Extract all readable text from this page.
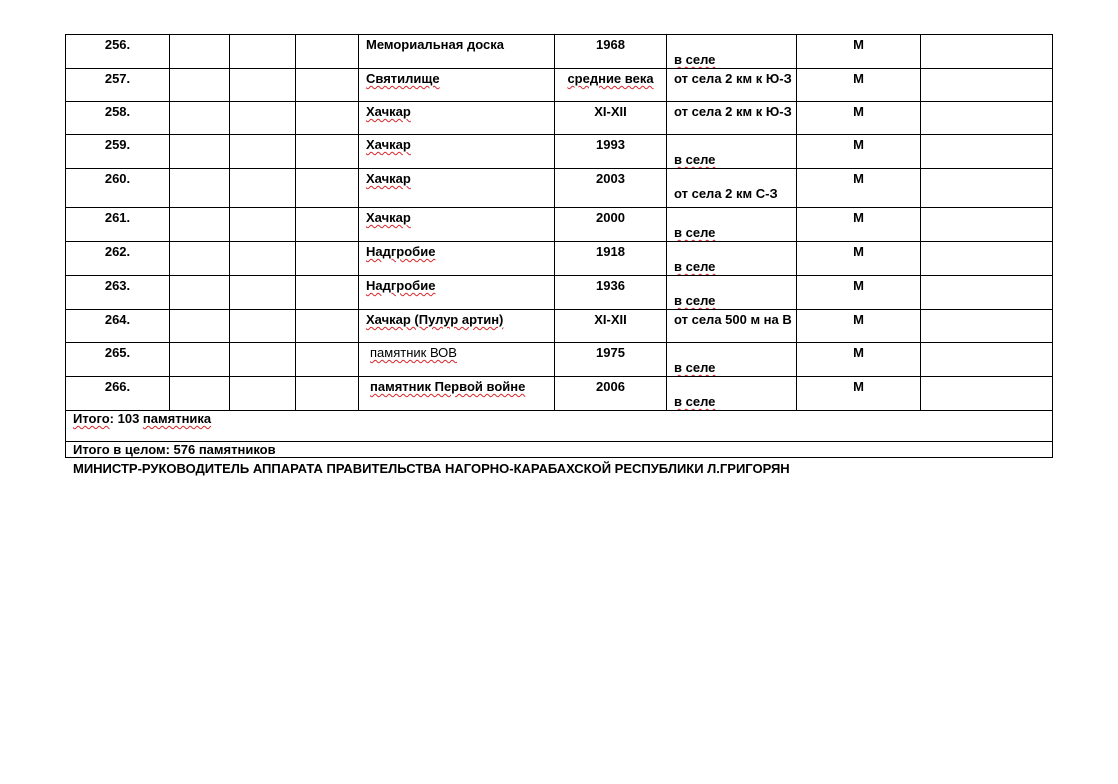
256.				Мемориальная доска	1968	в селе	М	
257.				Святилище	средние века	от села 2 км к Ю-З	М	
258.				Хачкар	XI-XII	от села 2 км к Ю-З	М	
259.				Хачкар	1993	в селе	М	
260.				Хачкар	2003	от села 2 км С-З	М	
261.				Хачкар	2000	в селе	М	
262.				Надгробие	1918	в селе	М	
263.				Надгробие	1936	в селе	М	
264.				Хачкар (Пулур артин)	XI-XII	от села 500 м на В	М	
265.				памятник ВОВ	1975	в селе	М	
266.				памятник Первой войне	2006	в селе	М	
Итого: 103 памятника								
Итого в целом: 576 памятников								
МИНИСТР-РУКОВОДИТЕЛЬ АППАРАТА ПРАВИТЕЛЬСТВА НАГОРНО-КАРАБАХСКОЙ РЕСПУБЛИКИ Л.ГРИГОРЯН
